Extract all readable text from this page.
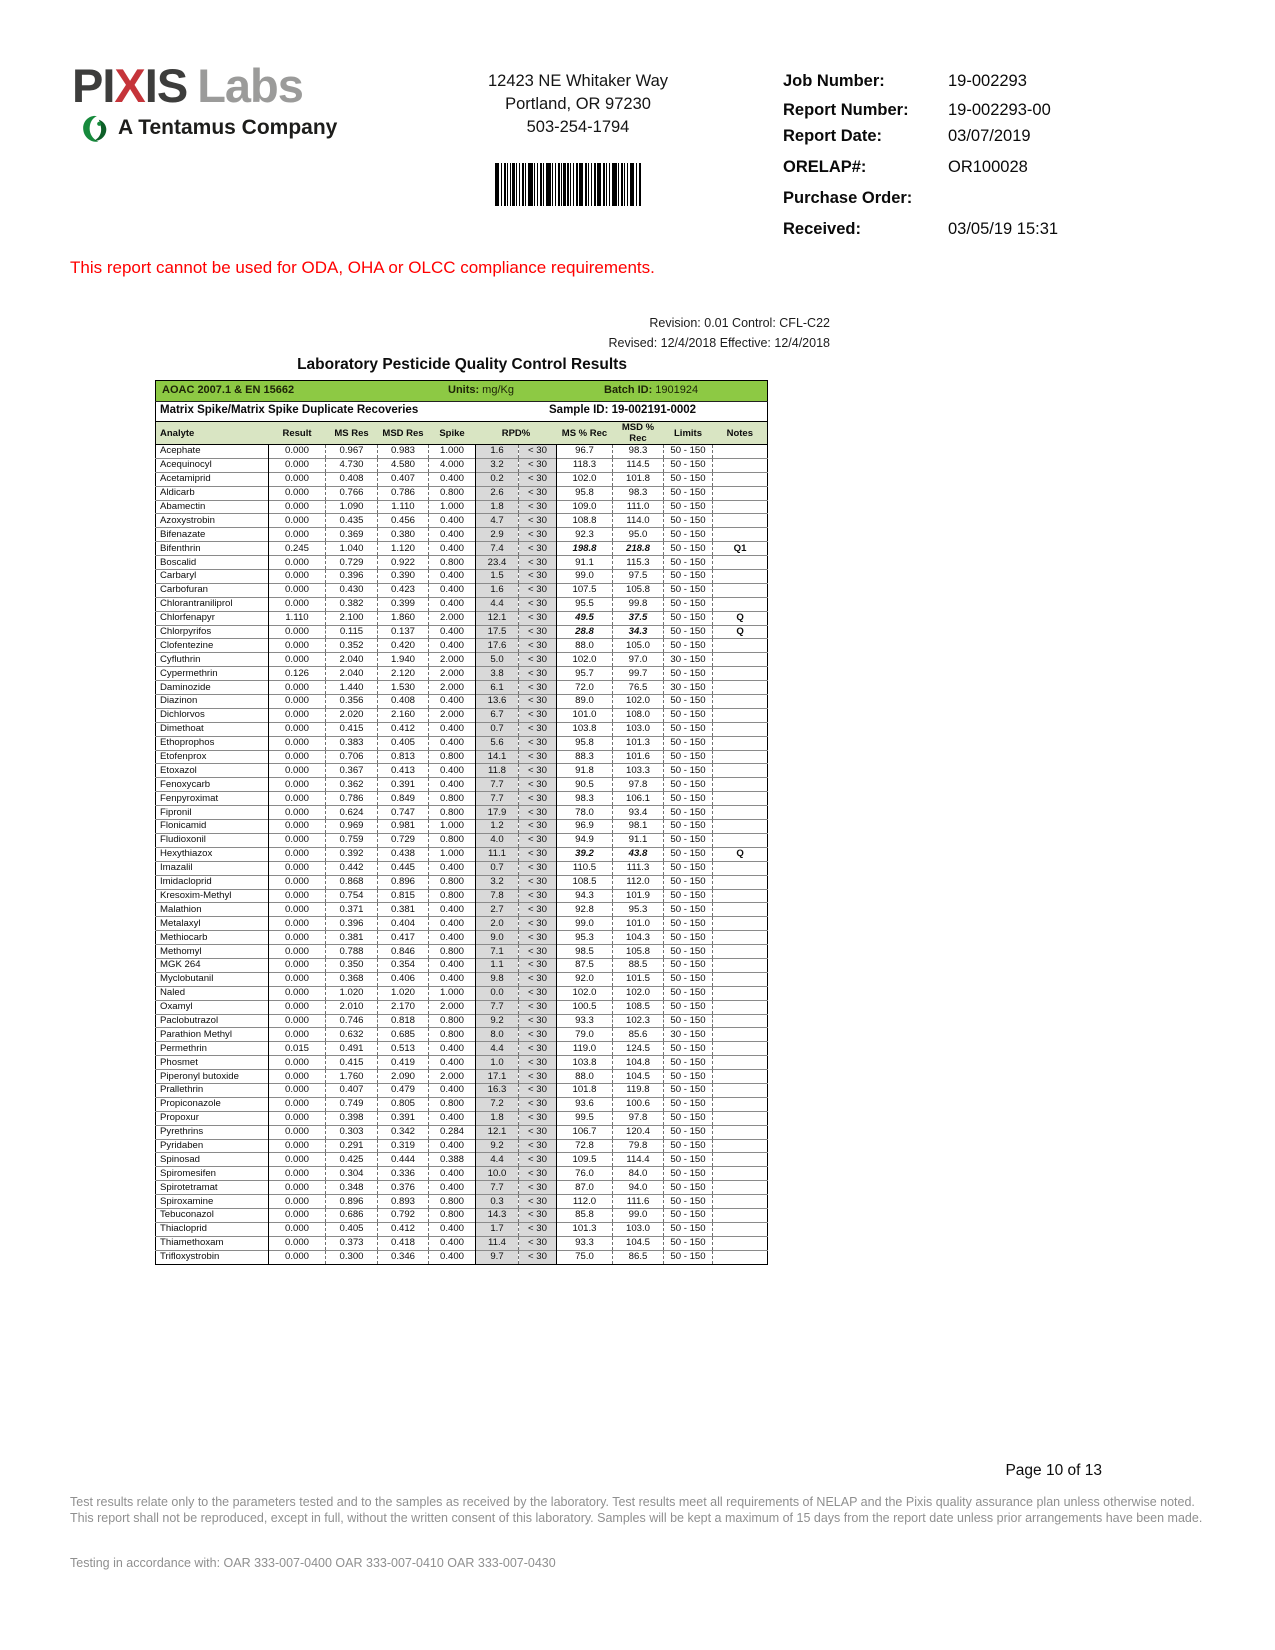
PIXIS Labs
A Tentamus Company
12423 NE Whitaker Way
Portland, OR 97230
503-254-1794
Job Number:	19-002293
Report Number:	19-002293-00
Report Date:	03/07/2019
ORELAP#:	OR100028
Purchase Order:
Received:	03/05/19 15:31
This report cannot be used for ODA, OHA or OLCC compliance requirements.
Revision: 0.01 Control: CFL-C22
Revised: 12/4/2018 Effective: 12/4/2018
Laboratory Pesticide Quality Control Results
AOAC 2007.1 & EN 15662 Units: mg/Kg Batch ID: 1901924										

Matrix Spike/Matrix Spike Duplicate Recoveries Sample ID: 19-002191-0002										

Analyte	Result	MS Res	MSD Res	Spike	RPD%		MS % Rec	MSD % Rec	Limits	Notes
Acephate	0.000	0.967	0.983	1.000	1.6	< 30	96.7	98.3	50 - 150	
Acequinocyl	0.000	4.730	4.580	4.000	3.2	< 30	118.3	114.5	50 - 150	
Acetamiprid	0.000	0.408	0.407	0.400	0.2	< 30	102.0	101.8	50 - 150	
Aldicarb	0.000	0.766	0.786	0.800	2.6	< 30	95.8	98.3	50 - 150	
Abamectin	0.000	1.090	1.110	1.000	1.8	< 30	109.0	111.0	50 - 150	
Azoxystrobin	0.000	0.435	0.456	0.400	4.7	< 30	108.8	114.0	50 - 150	
Bifenazate	0.000	0.369	0.380	0.400	2.9	< 30	92.3	95.0	50 - 150	
Bifenthrin	0.245	1.040	1.120	0.400	7.4	< 30	198.8	218.8	50 - 150	Q1
Boscalid	0.000	0.729	0.922	0.800	23.4	< 30	91.1	115.3	50 - 150	
Carbaryl	0.000	0.396	0.390	0.400	1.5	< 30	99.0	97.5	50 - 150	
Carbofuran	0.000	0.430	0.423	0.400	1.6	< 30	107.5	105.8	50 - 150	
Chlorantraniliprol	0.000	0.382	0.399	0.400	4.4	< 30	95.5	99.8	50 - 150	
Chlorfenapyr	1.110	2.100	1.860	2.000	12.1	< 30	49.5	37.5	50 - 150	Q
Chlorpyrifos	0.000	0.115	0.137	0.400	17.5	< 30	28.8	34.3	50 - 150	Q
Clofentezine	0.000	0.352	0.420	0.400	17.6	< 30	88.0	105.0	50 - 150	
Cyfluthrin	0.000	2.040	1.940	2.000	5.0	< 30	102.0	97.0	30 - 150	
Cypermethrin	0.126	2.040	2.120	2.000	3.8	< 30	95.7	99.7	50 - 150	
Daminozide	0.000	1.440	1.530	2.000	6.1	< 30	72.0	76.5	30 - 150	
Diazinon	0.000	0.356	0.408	0.400	13.6	< 30	89.0	102.0	50 - 150	
Dichlorvos	0.000	2.020	2.160	2.000	6.7	< 30	101.0	108.0	50 - 150	
Dimethoat	0.000	0.415	0.412	0.400	0.7	< 30	103.8	103.0	50 - 150	
Ethoprophos	0.000	0.383	0.405	0.400	5.6	< 30	95.8	101.3	50 - 150	
Etofenprox	0.000	0.706	0.813	0.800	14.1	< 30	88.3	101.6	50 - 150	
Etoxazol	0.000	0.367	0.413	0.400	11.8	< 30	91.8	103.3	50 - 150	
Fenoxycarb	0.000	0.362	0.391	0.400	7.7	< 30	90.5	97.8	50 - 150	
Fenpyroximat	0.000	0.786	0.849	0.800	7.7	< 30	98.3	106.1	50 - 150	
Fipronil	0.000	0.624	0.747	0.800	17.9	< 30	78.0	93.4	50 - 150	
Flonicamid	0.000	0.969	0.981	1.000	1.2	< 30	96.9	98.1	50 - 150	
Fludioxonil	0.000	0.759	0.729	0.800	4.0	< 30	94.9	91.1	50 - 150	
Hexythiazox	0.000	0.392	0.438	1.000	11.1	< 30	39.2	43.8	50 - 150	Q
Imazalil	0.000	0.442	0.445	0.400	0.7	< 30	110.5	111.3	50 - 150	
Imidacloprid	0.000	0.868	0.896	0.800	3.2	< 30	108.5	112.0	50 - 150	
Kresoxim-Methyl	0.000	0.754	0.815	0.800	7.8	< 30	94.3	101.9	50 - 150	
Malathion	0.000	0.371	0.381	0.400	2.7	< 30	92.8	95.3	50 - 150	
Metalaxyl	0.000	0.396	0.404	0.400	2.0	< 30	99.0	101.0	50 - 150	
Methiocarb	0.000	0.381	0.417	0.400	9.0	< 30	95.3	104.3	50 - 150	
Methomyl	0.000	0.788	0.846	0.800	7.1	< 30	98.5	105.8	50 - 150	
MGK 264	0.000	0.350	0.354	0.400	1.1	< 30	87.5	88.5	50 - 150	
Myclobutanil	0.000	0.368	0.406	0.400	9.8	< 30	92.0	101.5	50 - 150	
Naled	0.000	1.020	1.020	1.000	0.0	< 30	102.0	102.0	50 - 150	
Oxamyl	0.000	2.010	2.170	2.000	7.7	< 30	100.5	108.5	50 - 150	
Paclobutrazol	0.000	0.746	0.818	0.800	9.2	< 30	93.3	102.3	50 - 150	
Parathion Methyl	0.000	0.632	0.685	0.800	8.0	< 30	79.0	85.6	30 - 150	
Permethrin	0.015	0.491	0.513	0.400	4.4	< 30	119.0	124.5	50 - 150	
Phosmet	0.000	0.415	0.419	0.400	1.0	< 30	103.8	104.8	50 - 150	
Piperonyl butoxide	0.000	1.760	2.090	2.000	17.1	< 30	88.0	104.5	50 - 150	
Prallethrin	0.000	0.407	0.479	0.400	16.3	< 30	101.8	119.8	50 - 150	
Propiconazole	0.000	0.749	0.805	0.800	7.2	< 30	93.6	100.6	50 - 150	
Propoxur	0.000	0.398	0.391	0.400	1.8	< 30	99.5	97.8	50 - 150	
Pyrethrins	0.000	0.303	0.342	0.284	12.1	< 30	106.7	120.4	50 - 150	
Pyridaben	0.000	0.291	0.319	0.400	9.2	< 30	72.8	79.8	50 - 150	
Spinosad	0.000	0.425	0.444	0.388	4.4	< 30	109.5	114.4	50 - 150	
Spiromesifen	0.000	0.304	0.336	0.400	10.0	< 30	76.0	84.0	50 - 150	
Spirotetramat	0.000	0.348	0.376	0.400	7.7	< 30	87.0	94.0	50 - 150	
Spiroxamine	0.000	0.896	0.893	0.800	0.3	< 30	112.0	111.6	50 - 150	
Tebuconazol	0.000	0.686	0.792	0.800	14.3	< 30	85.8	99.0	50 - 150	
Thiacloprid	0.000	0.405	0.412	0.400	1.7	< 30	101.3	103.0	50 - 150	
Thiamethoxam	0.000	0.373	0.418	0.400	11.4	< 30	93.3	104.5	50 - 150	
Trifloxystrobin	0.000	0.300	0.346	0.400	9.7	< 30	75.0	86.5	50 - 150	
Page 10 of 13
Test results relate only to the parameters tested and to the samples as received by the laboratory. Test results meet all requirements of NELAP and the Pixis quality assurance plan unless otherwise noted. This report shall not be reproduced, except in full, without the written consent of this laboratory. Samples will be kept a maximum of 15 days from the report date unless prior arrangements have been made.
Testing in accordance with: OAR 333-007-0400 OAR 333-007-0410 OAR 333-007-0430
